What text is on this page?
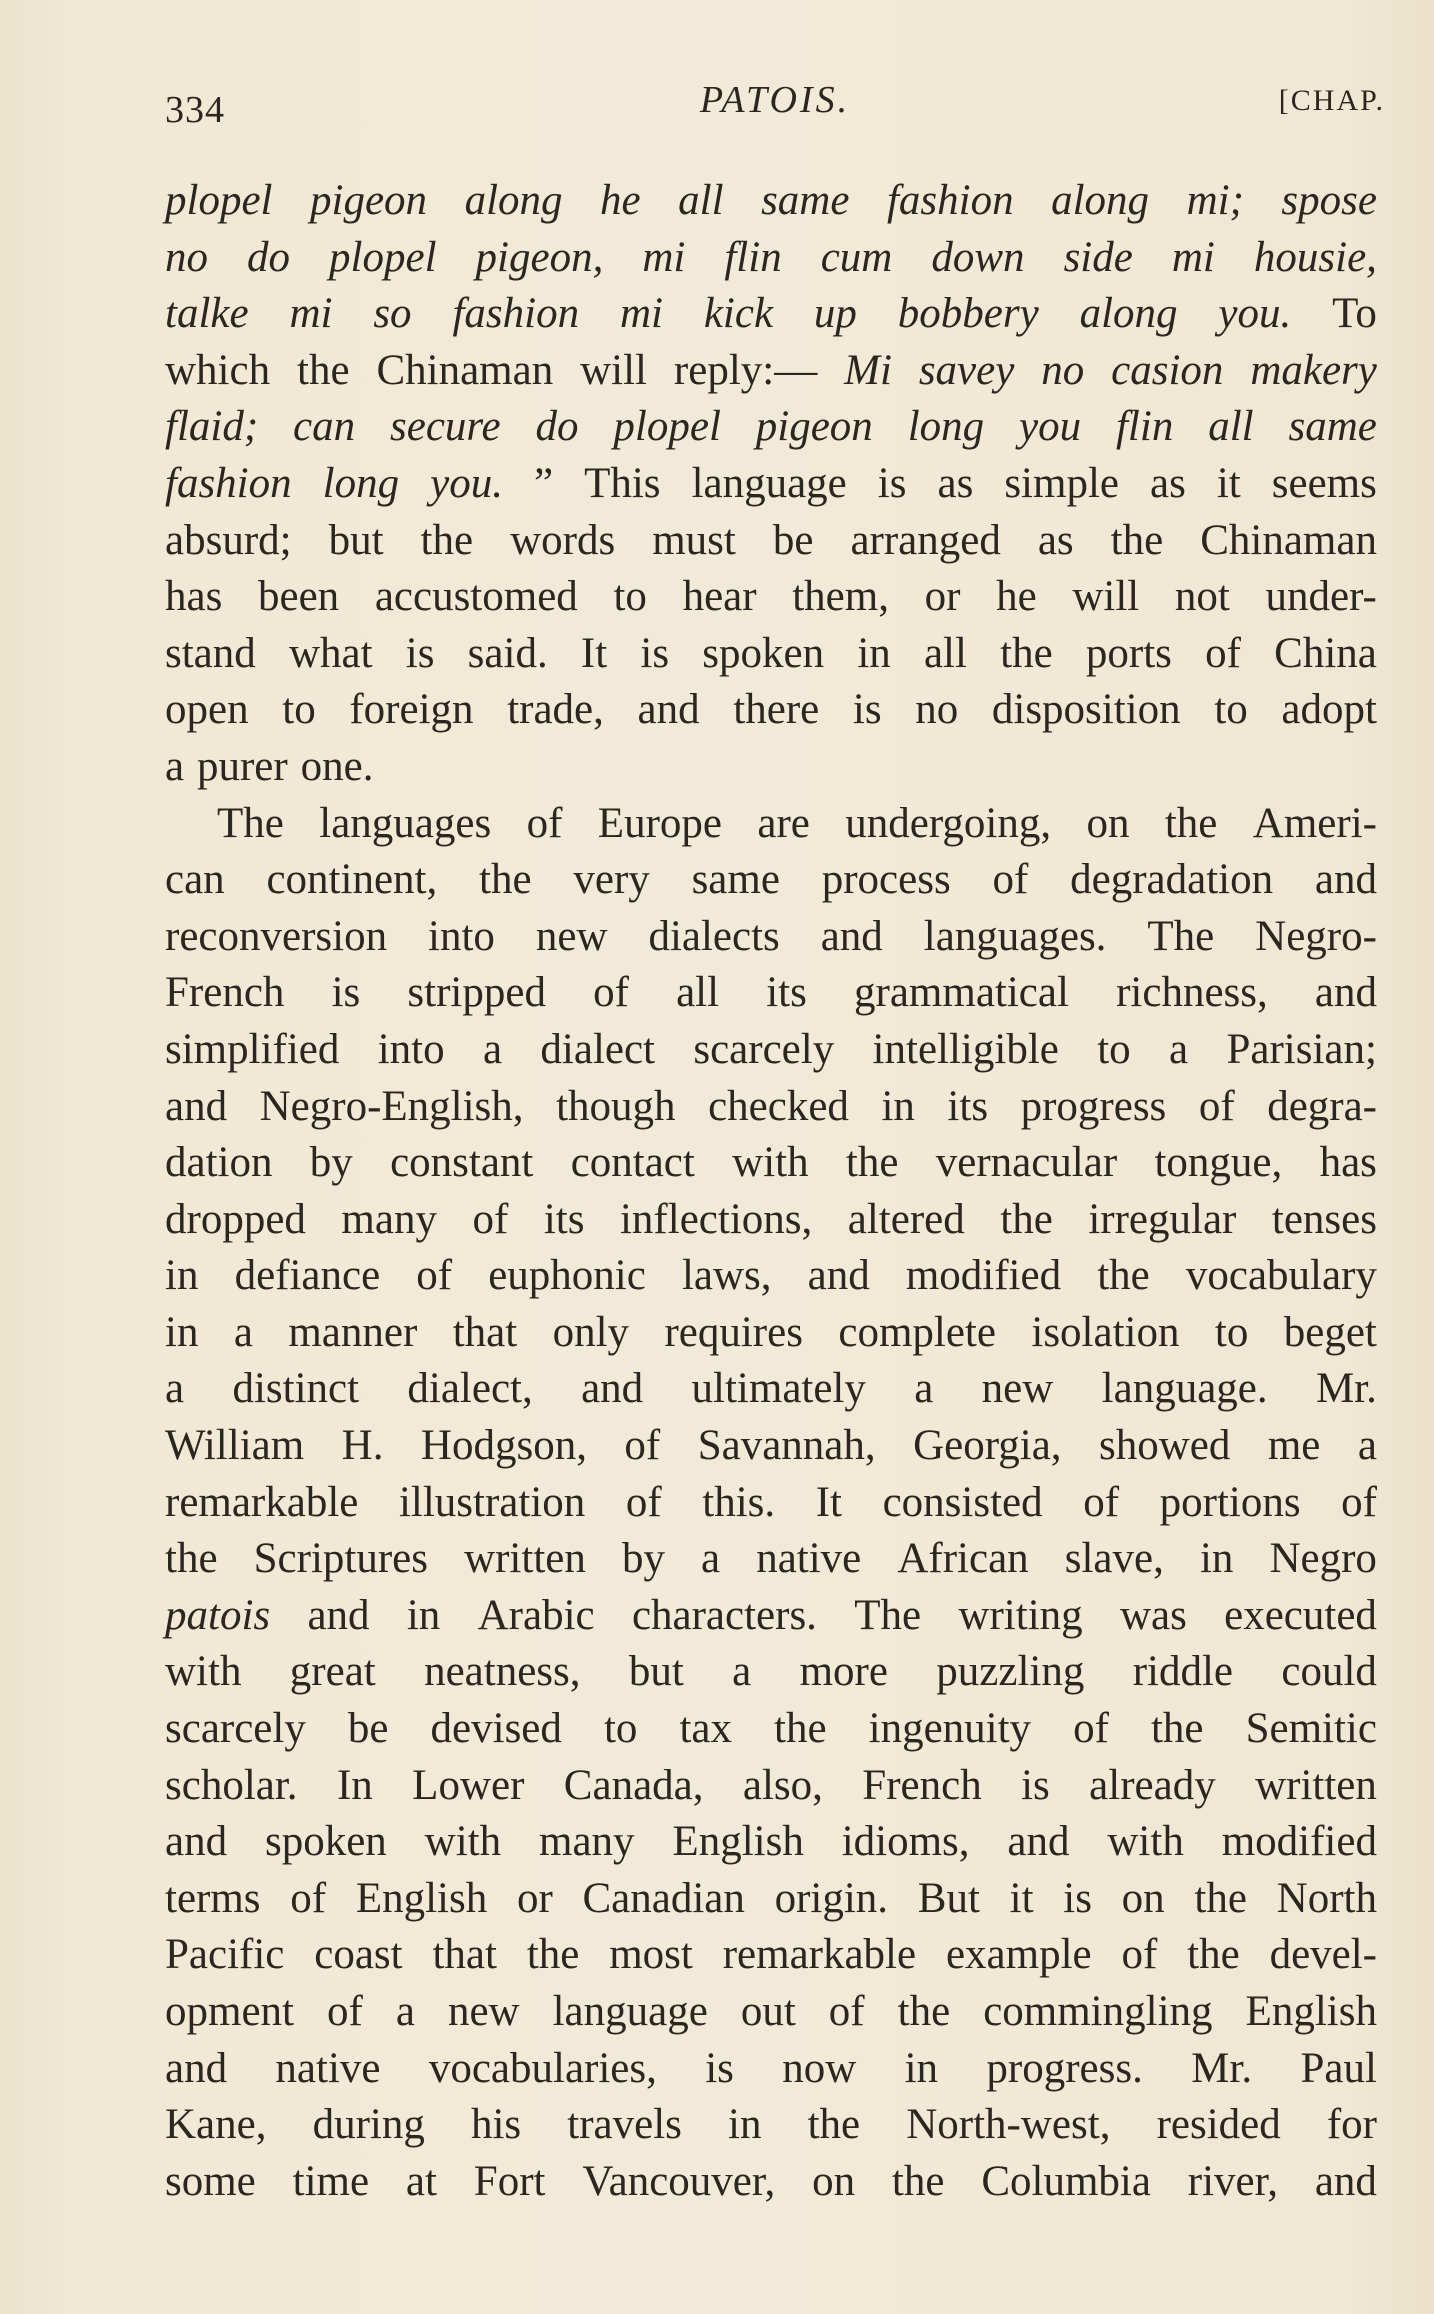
334	PATOIS.	[CHAP.
plopel pigeon along he all same fashion along mi; spose
no do plopel pigeon, mi flin cum down side mi housie,
talke mi so fashion mi kick up bobbery along you. To
which the Chinaman will reply:— Mi savey no casion makery
flaid; can secure do plopel pigeon long you flin all same
fashion long you. ” This language is as simple as it seems
absurd; but the words must be arranged as the Chinaman
has been accustomed to hear them, or he will not under-
stand what is said. It is spoken in all the ports of China
open to foreign trade, and there is no disposition to adopt
a purer one.
The languages of Europe are undergoing, on the Ameri-
can continent, the very same process of degradation and
reconversion into new dialects and languages. The Negro-
French is stripped of all its grammatical richness, and
simplified into a dialect scarcely intelligible to a Parisian;
and Negro-English, though checked in its progress of degra-
dation by constant contact with the vernacular tongue, has
dropped many of its inflections, altered the irregular tenses
in defiance of euphonic laws, and modified the vocabulary
in a manner that only requires complete isolation to beget
a distinct dialect, and ultimately a new language. Mr.
William H. Hodgson, of Savannah, Georgia, showed me a
remarkable illustration of this. It consisted of portions of
the Scriptures written by a native African slave, in Negro
patois and in Arabic characters. The writing was executed
with great neatness, but a more puzzling riddle could
scarcely be devised to tax the ingenuity of the Semitic
scholar. In Lower Canada, also, French is already written
and spoken with many English idioms, and with modified
terms of English or Canadian origin. But it is on the North
Pacific coast that the most remarkable example of the devel-
opment of a new language out of the commingling English
and native vocabularies, is now in progress. Mr. Paul
Kane, during his travels in the North-west, resided for
some time at Fort Vancouver, on the Columbia river, and
